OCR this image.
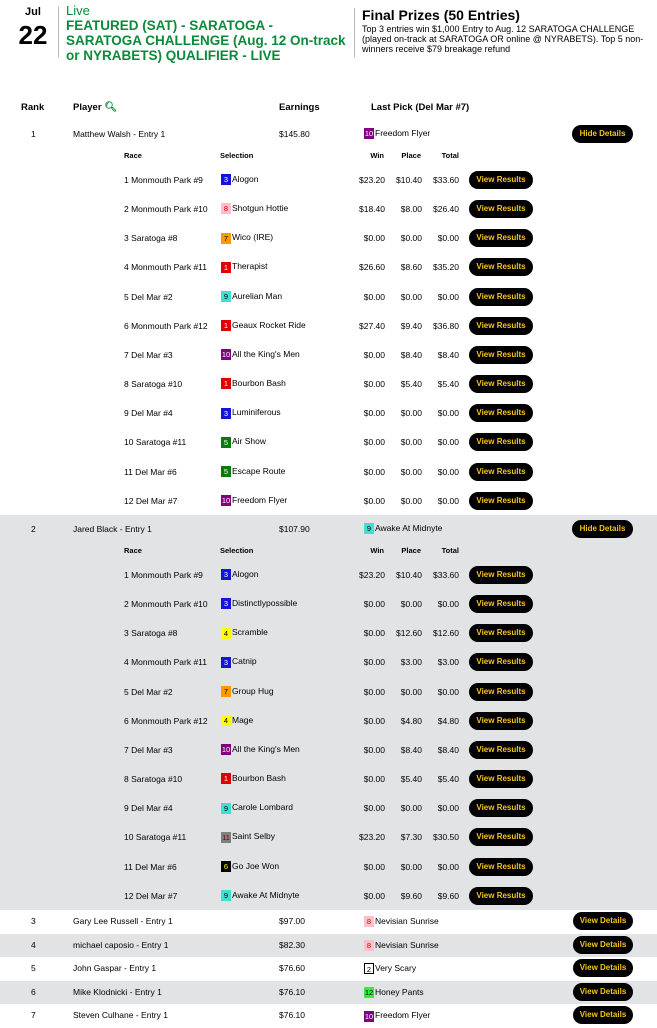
Jul
22
Live
FEATURED (SAT) - SARATOGA - SARATOGA CHALLENGE (Aug. 12 On-track or NYRABETS) QUALIFIER - LIVE
Final Prizes (50 Entries)
Top 3 entries win $1,000 Entry to Aug. 12 SARATOGA CHALLENGE (played on-track at SARATOGA OR online @ NYRABETS). Top 5 non-winners receive $79 breakage refund
Rank	Player 🔍︎	Earnings	Last Pick (Del Mar #7)
1	Matthew Walsh - Entry 1	$145.80	10 Freedom Flyer	Hide Details
Race	Selection	Win Place	Total
1 Monmouth Park #9	3 Alogon	$23.20 $10.40 $33.60	View Results
2 Monmouth Park #10	8 Shotgun Hottie	$18.40 $8.00 $26.40	View Results
3 Saratoga #8	7 Wico (IRE)	$0.00 $0.00 $0.00	View Results
4 Monmouth Park #11	1 Therapist	$26.60 $8.60 $35.20	View Results
5 Del Mar #2	9 Aurelian Man	$0.00 $0.00 $0.00	View Results
6 Monmouth Park #12	1 Geaux Rocket Ride	$27.40 $9.40 $36.80	View Results
7 Del Mar #3	10 All the King's Men	$0.00 $8.40 $8.40	View Results
8 Saratoga #10	1 Bourbon Bash	$0.00 $5.40 $5.40	View Results
9 Del Mar #4	3 Luminiferous	$0.00 $0.00 $0.00	View Results
10 Saratoga #11	5 Air Show	$0.00 $0.00 $0.00	View Results
11 Del Mar #6	5 Escape Route	$0.00 $0.00 $0.00	View Results
12 Del Mar #7	10 Freedom Flyer	$0.00 $0.00 $0.00	View Results
2	Jared Black - Entry 1	$107.90	9 Awake At Midnyte	Hide Details
Race	Selection	Win Place	Total
1 Monmouth Park #9	3 Alogon	$23.20 $10.40 $33.60	View Results
2 Monmouth Park #10	3 Distinctlypossible	$0.00 $0.00 $0.00	View Results
3 Saratoga #8	4 Scramble	$0.00 $12.60 $12.60	View Results
4 Monmouth Park #11	3 Catnip	$0.00 $3.00 $3.00	View Results
5 Del Mar #2	7 Group Hug	$0.00 $0.00 $0.00	View Results
6 Monmouth Park #12	4 Mage	$0.00 $4.80 $4.80	View Results
7 Del Mar #3	10 All the King's Men	$0.00 $8.40 $8.40	View Results
8 Saratoga #10	1 Bourbon Bash	$0.00 $5.40 $5.40	View Results
9 Del Mar #4	9 Carole Lombard	$0.00 $0.00 $0.00	View Results
10 Saratoga #11	11 Saint Selby	$23.20 $7.30 $30.50	View Results
11 Del Mar #6	6 Go Joe Won	$0.00 $0.00 $0.00	View Results
12 Del Mar #7	9 Awake At Midnyte	$0.00 $9.60 $9.60	View Results
3	Gary Lee Russell - Entry 1	$97.00	8 Nevisian Sunrise	View Details
4	michael caposio - Entry 1	$82.30	8 Nevisian Sunrise	View Details
5	John Gaspar - Entry 1	$76.60	2 Very Scary	View Details
6	Mike Klodnicki - Entry 1	$76.10	12 Honey Pants	View Details
7	Steven Culhane - Entry 1	$76.10	10 Freedom Flyer	View Details
